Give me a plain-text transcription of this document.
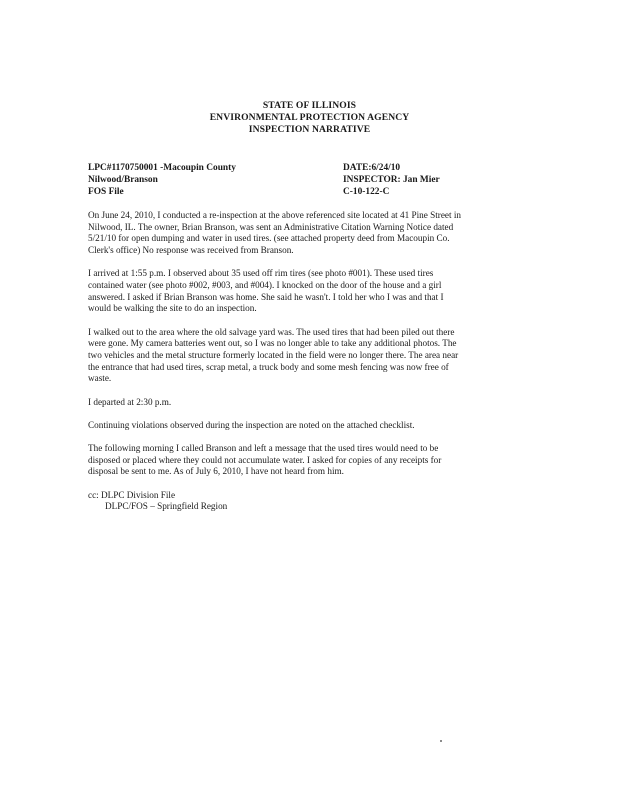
STATE OF ILLINOIS
ENVIRONMENTAL PROTECTION AGENCY
INSPECTION NARRATIVE
LPC#1170750001 -Macoupin County	DATE:6/24/10
Nilwood/Branson	INSPECTOR: Jan Mier
FOS File	C-10-122-C
On June 24, 2010, I conducted a re-inspection at the above referenced site located at 41 Pine Street in
Nilwood, IL. The owner, Brian Branson, was sent an Administrative Citation Warning Notice dated
5/21/10 for open dumping and water in used tires. (see attached property deed from Macoupin Co.
Clerk's office) No response was received from Branson.
I arrived at 1:55 p.m. I observed about 35 used off rim tires (see photo #001). These used tires
contained water (see photo #002, #003, and #004). I knocked on the door of the house and a girl
answered. I asked if Brian Branson was home. She said he wasn't. I told her who I was and that I
would be walking the site to do an inspection.
I walked out to the area where the old salvage yard was. The used tires that had been piled out there
were gone. My camera batteries went out, so I was no longer able to take any additional photos. The
two vehicles and the metal structure formerly located in the field were no longer there. The area near
the entrance that had used tires, scrap metal, a truck body and some mesh fencing was now free of
waste.
I departed at 2:30 p.m.
Continuing violations observed during the inspection are noted on the attached checklist.
The following morning I called Branson and left a message that the used tires would need to be
disposed or placed where they could not accumulate water. I asked for copies of any receipts for
disposal be sent to me. As of July 6, 2010, I have not heard from him.
cc: DLPC Division File
DLPC/FOS – Springfield Region
